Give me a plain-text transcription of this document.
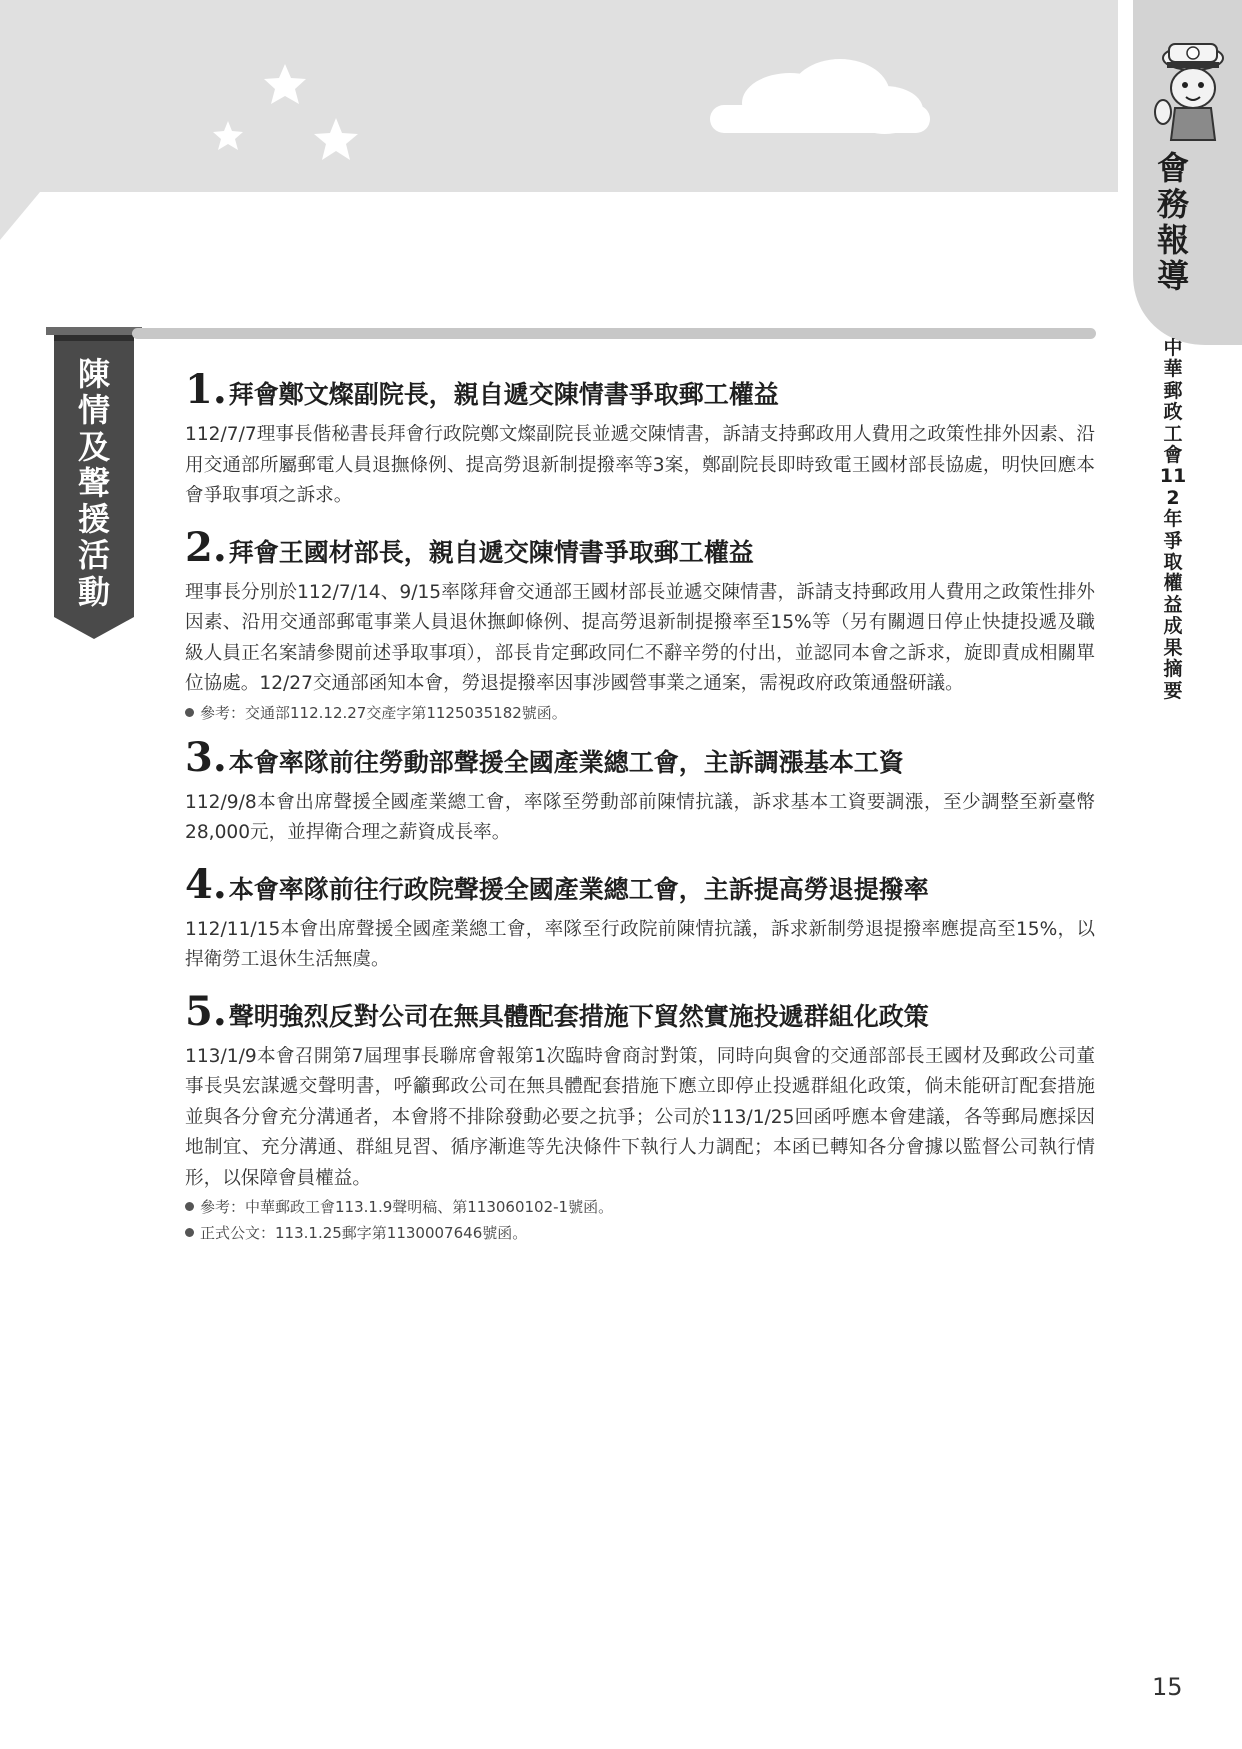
會務報導
中華郵政工會112年爭取權益成果摘要
陳情及聲援活動
1. 拜會鄭文燦副院長，親自遞交陳情書爭取郵工權益

112/7/7理事長偕秘書長拜會行政院鄭文燦副院長並遞交陳情書，訴請支持郵政用人費用之政策性排外因素、沿用交通部所屬郵電人員退撫條例、提高勞退新制提撥率等3案，鄭副院長即時致電王國材部長協處，明快回應本會爭取事項之訴求。

2. 拜會王國材部長，親自遞交陳情書爭取郵工權益

理事長分別於112/7/14、9/15率隊拜會交通部王國材部長並遞交陳情書，訴請支持郵政用人費用之政策性排外因素、沿用交通部郵電事業人員退休撫卹條例、提高勞退新制提撥率至15%等（另有關週日停止快捷投遞及職級人員正名案請參閱前述爭取事項），部長肯定郵政同仁不辭辛勞的付出，並認同本會之訴求，旋即責成相關單位協處。12/27交通部函知本會，勞退提撥率因事涉國營事業之通案，需視政府政策通盤研議。

參考：交通部112.12.27交產字第1125035182號函。

3. 本會率隊前往勞動部聲援全國產業總工會，主訴調漲基本工資

112/9/8本會出席聲援全國產業總工會，率隊至勞動部前陳情抗議，訴求基本工資要調漲，至少調整至新臺幣28,000元，並捍衛合理之薪資成長率。

4. 本會率隊前往行政院聲援全國產業總工會，主訴提高勞退提撥率

112/11/15本會出席聲援全國產業總工會，率隊至行政院前陳情抗議，訴求新制勞退提撥率應提高至15%，以捍衛勞工退休生活無虞。

5. 聲明強烈反對公司在無具體配套措施下貿然實施投遞群組化政策

113/1/9本會召開第7屆理事長聯席會報第1次臨時會商討對策，同時向與會的交通部部長王國材及郵政公司董事長吳宏謀遞交聲明書，呼籲郵政公司在無具體配套措施下應立即停止投遞群組化政策，倘未能研訂配套措施並與各分會充分溝通者，本會將不排除發動必要之抗爭；公司於113/1/25回函呼應本會建議，各等郵局應採因地制宜、充分溝通、群組見習、循序漸進等先決條件下執行人力調配；本函已轉知各分會據以監督公司執行情形，以保障會員權益。

參考：中華郵政工會113.1.9聲明稿、第113060102-1號函。

正式公文：113.1.25郵字第1130007646號函。

15
